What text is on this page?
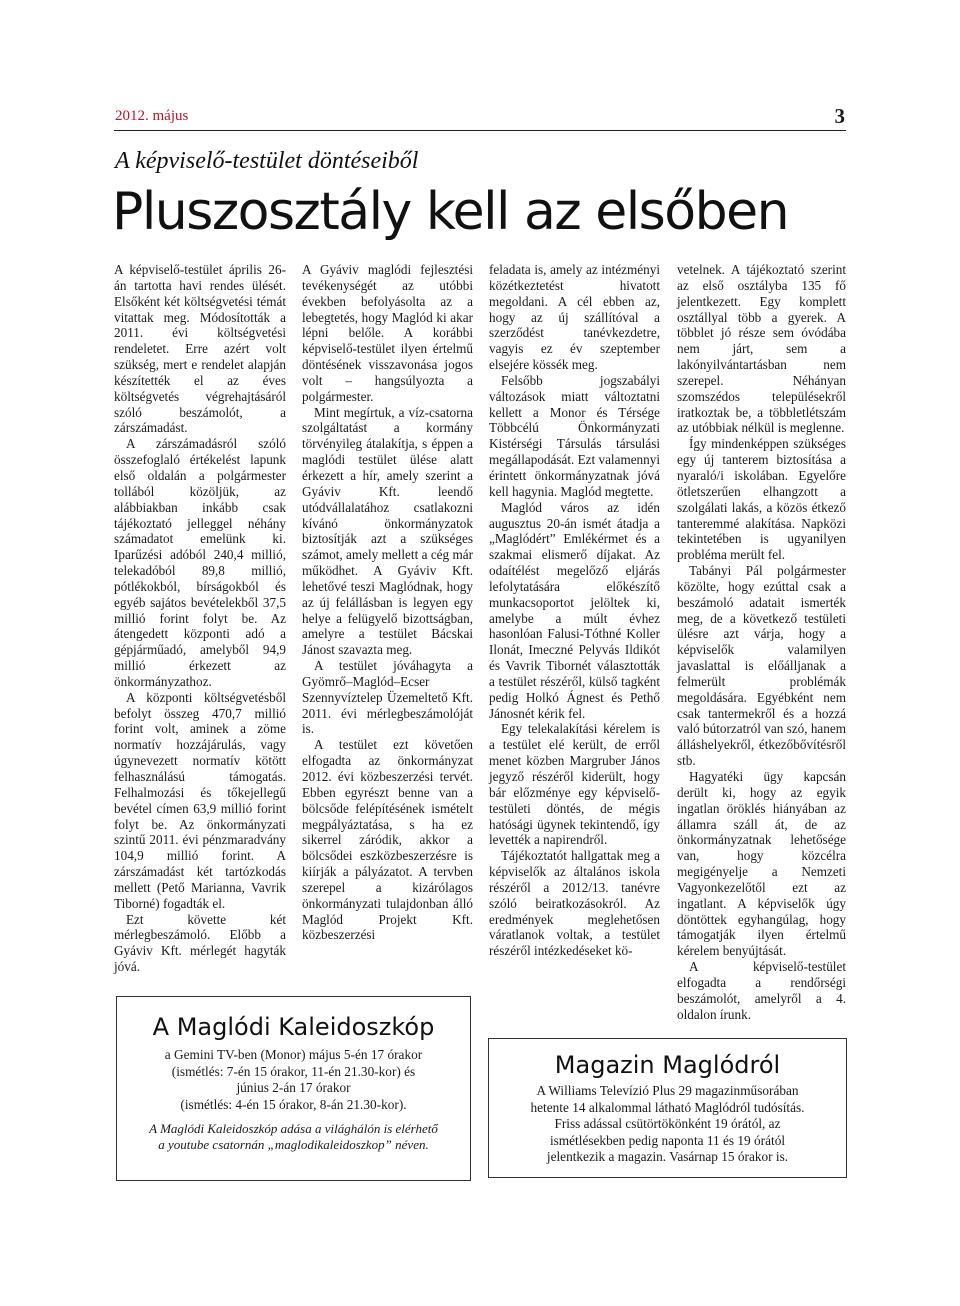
2012. május	3
A képviselő-testület döntéseiből
Pluszosztály kell az elsőben

A képviselő-testület április 26-án tartotta havi rendes ülését. Elsőként két költségvetési témát vitattak meg. Módosították a 2011. évi költségvetési rendeletet. Erre azért volt szükség, mert e rendelet alapján készítették el az éves költségvetés végrehajtásáról szóló beszámolót, a zárszámadást.

A zárszámadásról szóló összefoglaló értékelést lapunk első oldalán a polgármester tollából közöljük, az alábbiakban inkább csak tájékoztató jelleggel néhány számadatot emelünk ki. Iparűzési adóból 240,4 millió, telekadóból 89,8 millió, pótlékokból, bírságokból és egyéb sajátos bevételekből 37,5 millió forint folyt be. Az átengedett központi adó a gépjárműadó, amelyből 94,9 millió érkezett az önkormányzathoz.

A központi költségvetésből befolyt összeg 470,7 millió forint volt, aminek a zöme normatív hozzájárulás, vagy úgynevezett normatív kötött felhasználású támogatás. Felhalmozási és tőkejellegű bevétel címen 63,9 millió forint folyt be. Az önkormányzati szintű 2011. évi pénzmaradvány 104,9 millió forint. A zárszámadást két tartózkodás mellett (Pető Marianna, Vavrik Tiborné) fogadták el.

Ezt követte két mérlegbeszámoló. Előbb a Gyáviv Kft. mérlegét hagyták jóvá.

A Gyáviv maglódi fejlesztési tevékenységét az utóbbi években befolyásolta az a lebegtetés, hogy Maglód ki akar lépni belőle. A korábbi képviselő-testület ilyen értelmű döntésének visszavonása jogos volt – hangsúlyozta a polgármester.

Mint megírtuk, a víz-csatorna szolgáltatást a kormány törvényileg átalakítja, s éppen a maglódi testület ülése alatt érkezett a hír, amely szerint a Gyáviv Kft. leendő utódvállalatához csatlakozni kívánó önkormányzatok biztosítják azt a szükséges számot, amely mellett a cég már működhet. A Gyáviv Kft. lehetővé teszi Maglódnak, hogy az új felállásban is legyen egy helye a felügyelő bizottságban, amelyre a testület Bácskai Jánost szavazta meg.

A testület jóváhagyta a Gyömrő–Maglód–Ecser Szennyvíztelep Üzemeltető Kft. 2011. évi mérlegbeszámolóját is.

A testület ezt követően elfogadta az önkormányzat 2012. évi közbeszerzési tervét. Ebben egyrészt benne van a bölcsőde felépítésének ismételt megpályáztatása, s ha ez sikerrel záródik, akkor a bölcsődei eszközbeszerzésre is kiírják a pályázatot. A tervben szerepel a kizárólagos önkormányzati tulajdonban álló Maglód Projekt Kft. közbeszerzési

feladata is, amely az intézményi közétkeztetést hivatott megoldani. A cél ebben az, hogy az új szállítóval a szerződést tanévkezdetre, vagyis ez év szeptember elsejére kössék meg.

Felsőbb jogszabályi változások miatt változtatni kellett a Monor és Térsége Többcélú Önkormányzati Kistérségi Társulás társulási megállapodását. Ezt valamennyi érintett önkormányzatnak jóvá kell hagynia. Maglód megtette.

Maglód város az idén augusztus 20-án ismét átadja a „Maglódért” Emlékérmet és a szakmai elismerő díjakat. Az odaítélést megelőző eljárás lefolytatására előkészítő munkacsoportot jelöltek ki, amelybe a múlt évhez hasonlóan Falusi-Tóthné Koller Ilonát, Imeczné Pelyvás Ildikót és Vavrik Tibornét választották a testület részéről, külső tagként pedig Holkó Ágnest és Pethő Jánosnét kérik fel.

Egy telekalakítási kérelem is a testület elé került, de erről menet közben Margruber János jegyző részéről kiderült, hogy bár előzménye egy képviselő-testületi döntés, de mégis hatósági ügynek tekintendő, így levették a napirendről.

Tájékoztatót hallgattak meg a képviselők az általános iskola részéről a 2012/13. tanévre szóló beiratkozásokról. Az eredmények meglehetősen váratlanok voltak, a testület részéről intézkedéseket kö-

vetelnek. A tájékoztató szerint az első osztályba 135 fő jelentkezett. Egy komplett osztállyal több a gyerek. A többlet jó része sem óvódába nem járt, sem a lakónyilvántartásban nem szerepel. Néhányan szomszédos településekről iratkoztak be, a többletlétszám az utóbbiak nélkül is meglenne.

Így mindenképpen szükséges egy új tanterem biztosítása a nyaraló/i iskolában. Egyelőre ötletszerűen elhangzott a szolgálati lakás, a közös étkező tanteremmé alakítása. Napközi tekintetében is ugyanilyen probléma merült fel.

Tabányi Pál polgármester közölte, hogy ezúttal csak a beszámoló adatait ismerték meg, de a következő testületi ülésre azt várja, hogy a képviselők valamilyen javaslattal is előálljanak a felmerült problémák megoldására. Egyébként nem csak tantermekről és a hozzá való bútorzatról van szó, hanem álláshelyekről, étkezőbővítésről stb.

Hagyatéki ügy kapcsán derült ki, hogy az egyik ingatlan öröklés hiányában az államra száll át, de az önkormányzatnak lehetősége van, hogy közcélra megigényelje a Nemzeti Vagyonkezelőtől ezt az ingatlant. A képviselők úgy döntöttek egyhangúlag, hogy támogatják ilyen értelmű kérelem benyújtását.

A képviselő-testület elfogadta a rendőrségi beszámolót, amelyről a 4. oldalon írunk.

A Maglódi Kaleidoszkóp
a Gemini TV-ben (Monor) május 5-én 17 órakor
(ismétlés: 7-én 15 órakor, 11-én 21.30-kor) és
június 2-án 17 órakor
(ismétlés: 4-én 15 órakor, 8-án 21.30-kor).
A Maglódi Kaleidoszkóp adása a világhálón is elérhető
a youtube csatornán „maglodikaleidoszkop” néven.
Magazin Maglódról
A Williams Televízió Plus 29 magazinműsorában
hetente 14 alkalommal látható Maglódról tudósítás.
Friss adással csütörtökönként 19 órától, az
ismétlésekben pedig naponta 11 és 19 órától
jelentkezik a magazin. Vasárnap 15 órakor is.
